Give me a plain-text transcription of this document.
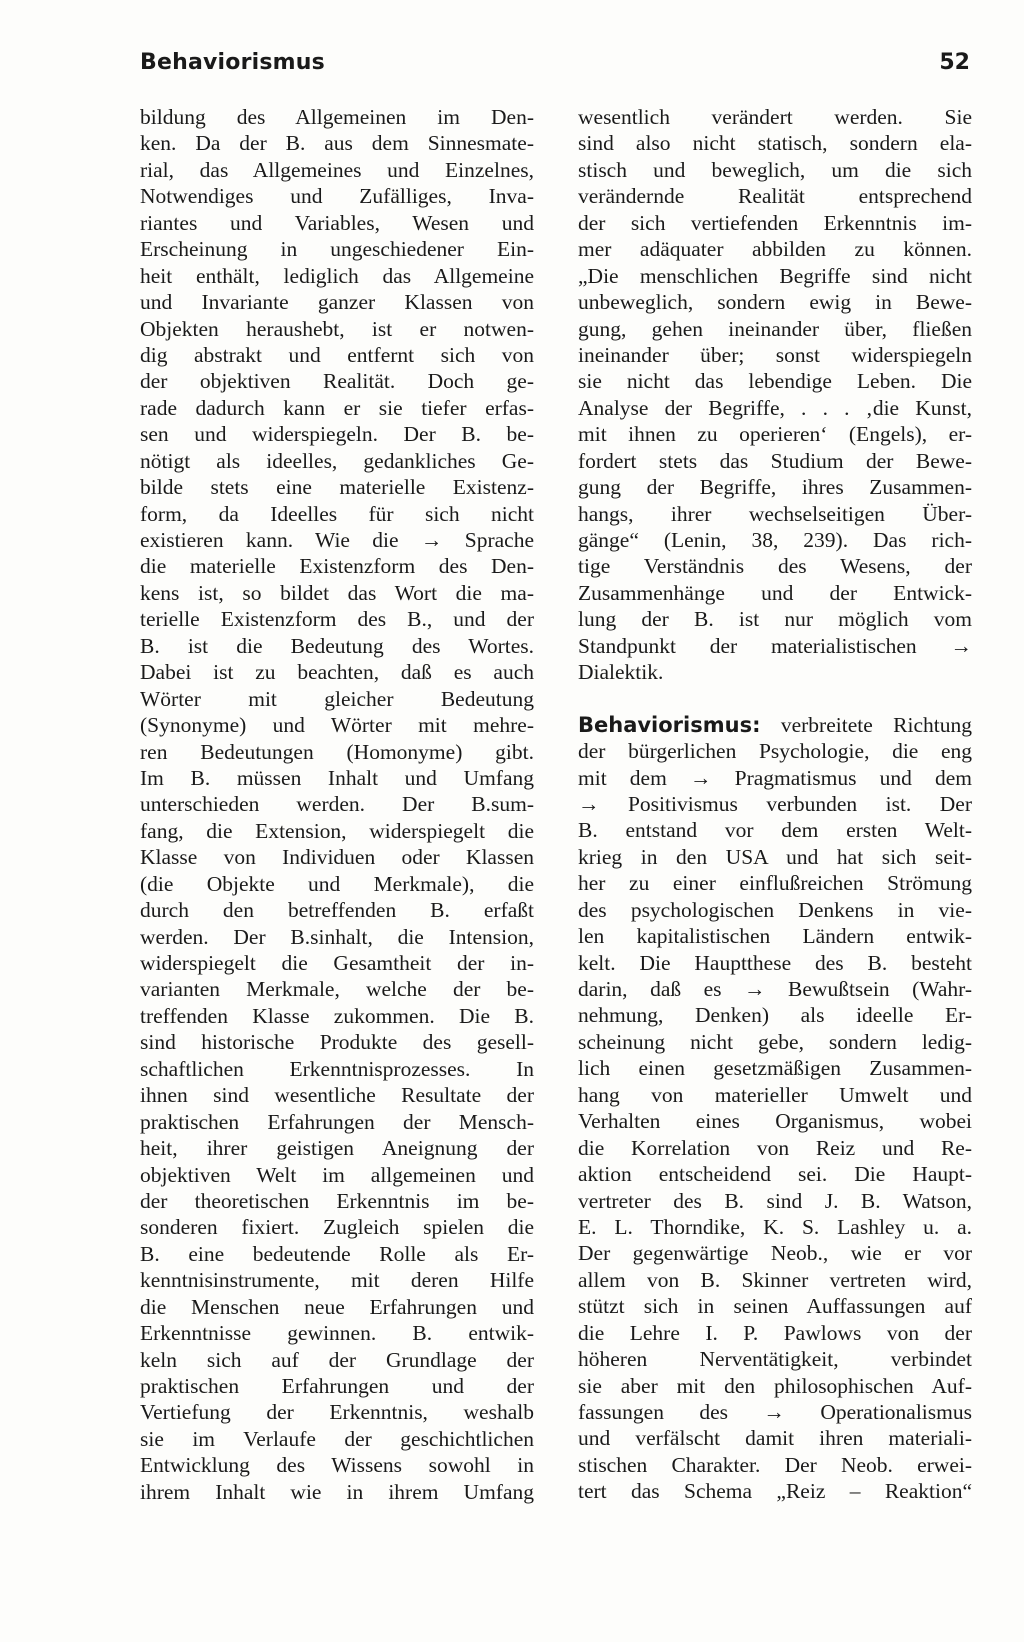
Behaviorismus	52
bildung des Allgemeinen im Den-
ken. Da der B. aus dem Sinnesmate-
rial, das Allgemeines und Einzelnes,
Notwendiges und Zufälliges, Inva-
riantes und Variables, Wesen und
Erscheinung in ungeschiedener Ein-
heit enthält, lediglich das Allgemeine
und Invariante ganzer Klassen von
Objekten heraushebt, ist er notwen-
dig abstrakt und entfernt sich von
der objektiven Realität. Doch ge-
rade dadurch kann er sie tiefer erfas-
sen und widerspiegeln. Der B. be-
nötigt als ideelles, gedankliches Ge-
bilde stets eine materielle Existenz-
form, da Ideelles für sich nicht
existieren kann. Wie die → Sprache
die materielle Existenzform des Den-
kens ist, so bildet das Wort die ma-
terielle Existenzform des B., und der
B. ist die Bedeutung des Wortes.
Dabei ist zu beachten, daß es auch
Wörter mit gleicher Bedeutung
(Synonyme) und Wörter mit mehre-
ren Bedeutungen (Homonyme) gibt.
Im B. müssen Inhalt und Umfang
unterschieden werden. Der B.sum-
fang, die Extension, widerspiegelt die
Klasse von Individuen oder Klassen
(die Objekte und Merkmale), die
durch den betreffenden B. erfaßt
werden. Der B.sinhalt, die Intension,
widerspiegelt die Gesamtheit der in-
varianten Merkmale, welche der be-
treffenden Klasse zukommen. Die B.
sind historische Produkte des gesell-
schaftlichen Erkenntnisprozesses. In
ihnen sind wesentliche Resultate der
praktischen Erfahrungen der Mensch-
heit, ihrer geistigen Aneignung der
objektiven Welt im allgemeinen und
der theoretischen Erkenntnis im be-
sonderen fixiert. Zugleich spielen die
B. eine bedeutende Rolle als Er-
kenntnisinstrumente, mit deren Hilfe
die Menschen neue Erfahrungen und
Erkenntnisse gewinnen. B. entwik-
keln sich auf der Grundlage der
praktischen Erfahrungen und der
Vertiefung der Erkenntnis, weshalb
sie im Verlaufe der geschichtlichen
Entwicklung des Wissens sowohl in
ihrem Inhalt wie in ihrem Umfang
wesentlich verändert werden. Sie
sind also nicht statisch, sondern ela-
stisch und beweglich, um die sich
verändernde Realität entsprechend
der sich vertiefenden Erkenntnis im-
mer adäquater abbilden zu können.
„Die menschlichen Begriffe sind nicht
unbeweglich, sondern ewig in Bewe-
gung, gehen ineinander über, fließen
ineinander über; sonst widerspiegeln
sie nicht das lebendige Leben. Die
Analyse der Begriffe, . . . ‚die Kunst,
mit ihnen zu operieren‘ (Engels), er-
fordert stets das Studium der Bewe-
gung der Begriffe, ihres Zusammen-
hangs, ihrer wechselseitigen Über-
gänge“ (Lenin, 38, 239). Das rich-
tige Verständnis des Wesens, der
Zusammenhänge und der Entwick-
lung der B. ist nur möglich vom
Standpunkt der materialistischen →
Dialektik.
Behaviorismus: verbreitete Richtung
der bürgerlichen Psychologie, die eng
mit dem → Pragmatismus und dem
→ Positivismus verbunden ist. Der
B. entstand vor dem ersten Welt-
krieg in den USA und hat sich seit-
her zu einer einflußreichen Strömung
des psychologischen Denkens in vie-
len kapitalistischen Ländern entwik-
kelt. Die Hauptthese des B. besteht
darin, daß es → Bewußtsein (Wahr-
nehmung, Denken) als ideelle Er-
scheinung nicht gebe, sondern ledig-
lich einen gesetzmäßigen Zusammen-
hang von materieller Umwelt und
Verhalten eines Organismus, wobei
die Korrelation von Reiz und Re-
aktion entscheidend sei. Die Haupt-
vertreter des B. sind J. B. Watson,
E. L. Thorndike, K. S. Lashley u. a.
Der gegenwärtige Neob., wie er vor
allem von B. Skinner vertreten wird,
stützt sich in seinen Auffassungen auf
die Lehre I. P. Pawlows von der
höheren Nerventätigkeit, verbindet
sie aber mit den philosophischen Auf-
fassungen des → Operationalismus
und verfälscht damit ihren materiali-
stischen Charakter. Der Neob. erwei-
tert das Schema „Reiz – Reaktion“
